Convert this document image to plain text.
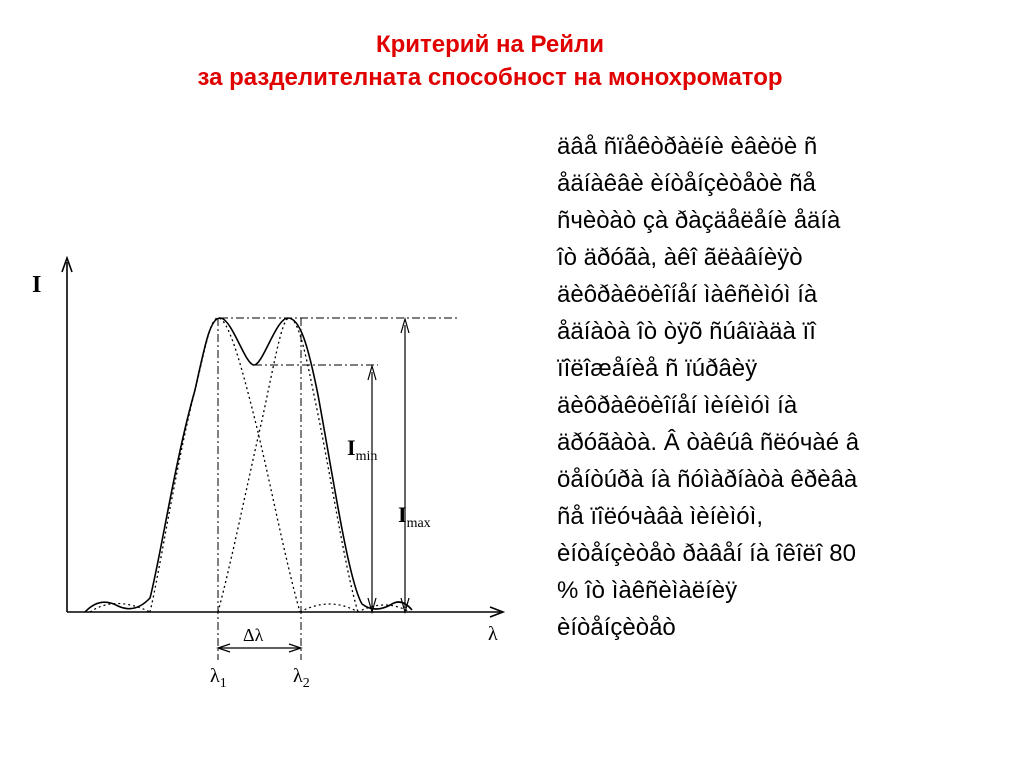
Критерий на Рейли
за разделителната способност на монохроматор
I
λ
Δλ
$\lambda_1$	$\lambda_2$
$I_{min}$
$I_{max}$
äâå ñïåêòðàëíè èâèöè ñ
åäíàêâè èíòåíçèòåòè ñå
ñчèòàò çà ðàçäåëåíè åäíà
îò äðóãà, àêî ãëàâíèÿò
äèôðàêöèîíåí ìàêñèìóì íà
åäíàòà îò òÿõ ñúâïàäà ïî
ïîëîæåíèå ñ ïúðâèÿ
äèôðàêöèîíåí ìèíèìóì íà
äðóãàòà. Â òàêúâ ñëóчàé â
öåíòúðà íà ñóìàðíàòà êðèâà
ñå ïîëóчàâà ìèíèìóì,
èíòåíçèòåò ðàâåí íà îêîëî 80
% îò ìàêñèìàëíèÿ
èíòåíçèòåò
